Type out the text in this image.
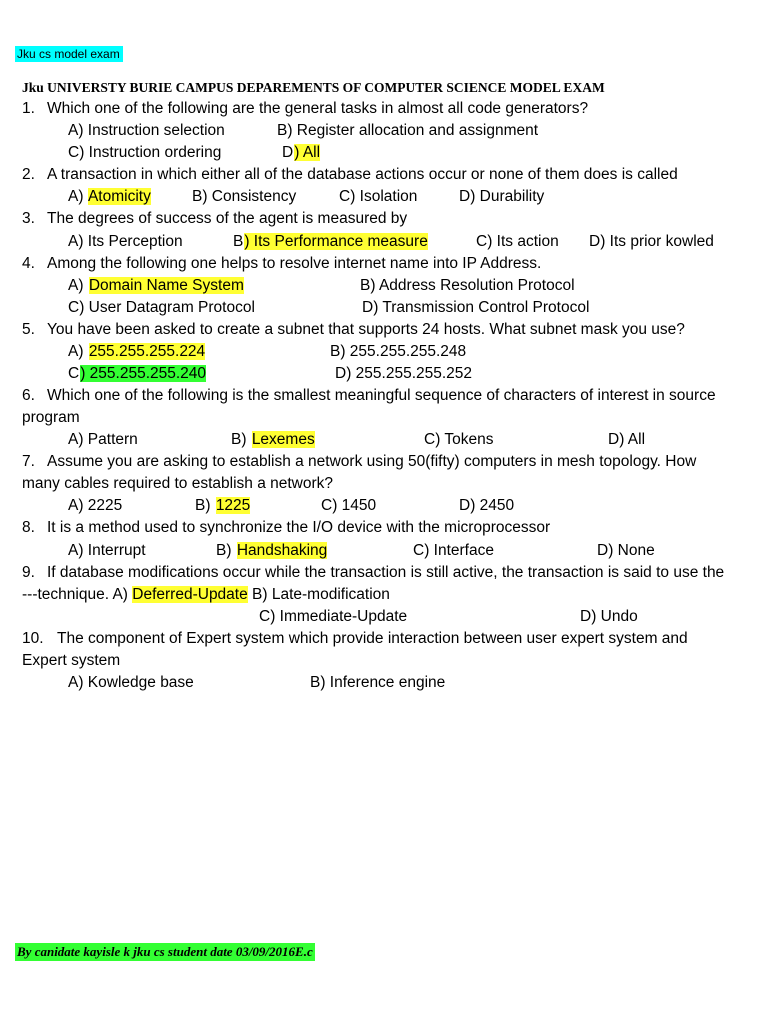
Jku cs model exam
Jku UNIVERSTY BURIE CAMPUS DEPAREMENTS OF COMPUTER SCIENCE MODEL EXAM
1. Which one of the following are the general tasks in almost all code generators?
A) Instruction selection	B) Register allocation and assignment
C) Instruction ordering	D) All
2. A transaction in which either all of the database actions occur or none of them does is called
A) Atomicity	B) Consistency	C) Isolation	D) Durability
3. The degrees of success of the agent is measured by
A) Its Perception	B) Its Performance measure	C) Its action D) Its prior kowled
4. Among the following one helps to resolve internet name into IP Address.
A) Domain Name System	B) Address Resolution Protocol
C) User Datagram Protocol	D) Transmission Control Protocol
5. You have been asked to create a subnet that supports 24 hosts. What subnet mask you use?
A) 255.255.255.224	B) 255.255.255.248
C) 255.255.255.240	D) 255.255.255.252
6. Which one of the following is the smallest meaningful sequence of characters of interest in source
program
A) Pattern	B) Lexemes	C) Tokens	D) All
7. Assume you are asking to establish a network using 50(fifty) computers in mesh topology. How
many cables required to establish a network?
A) 2225	B) 1225	C) 1450	D) 2450
8. It is a method used to synchronize the I/O device with the microprocessor
A) Interrupt	B) Handshaking	C) Interface	D) None
9. If database modifications occur while the transaction is still active, the transaction is said to use the
---technique. A) Deferred-Update B) Late-modification
C) Immediate-Update	D) Undo
10. The component of Expert system which provide interaction between user expert system and
Expert system
A) Kowledge base	B) Inference engine
By canidate kayisle k jku cs student date 03/09/2016E.c
